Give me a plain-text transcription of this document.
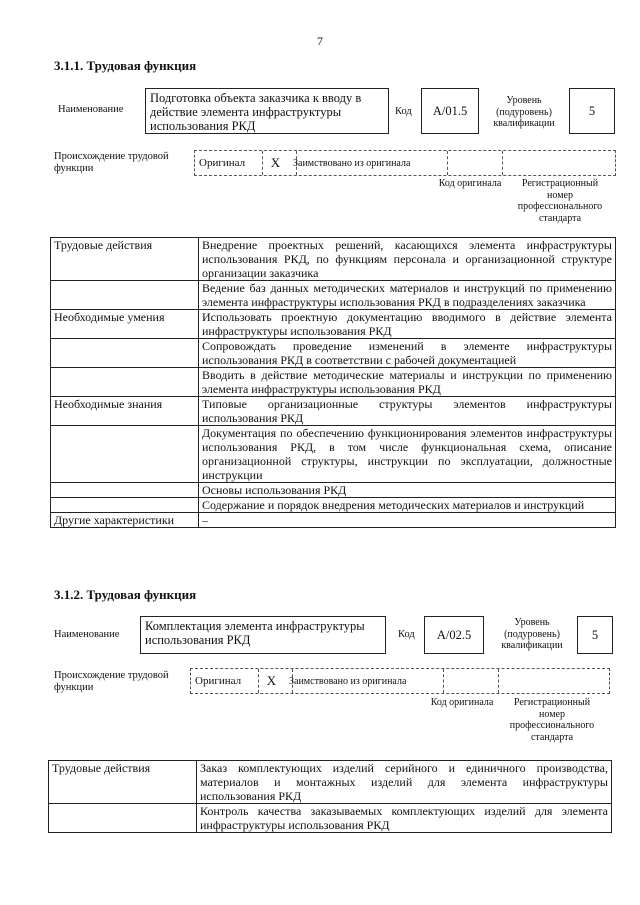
7
3.1.1. Трудовая функция
Наименование
Подготовка объекта заказчика к вводу в действие элемента инфраструктуры использования РКД
Код	A/01.5
Уровень (подуровень) квалификации
5
Происхождение трудовой функции	Оригинал	X	Заимствовано из оригинала
Код оригинала	Регистрационный номер профессионального стандарта
Трудовые действия	Внедрение проектных решений, касающихся элемента инфраструктуры использования РКД, по функциям персонала и организационной структуре организации заказчика
	Ведение баз данных методических материалов и инструкций по применению элемента инфраструктуры использования РКД в подразделениях заказчика
Необходимые умения	Использовать проектную документацию вводимого в действие элемента инфраструктуры использования РКД
	Сопровождать проведение изменений в элементе инфраструктуры использования РКД в соответствии с рабочей документацией
	Вводить в действие методические материалы и инструкции по применению элемента инфраструктуры использования РКД
Необходимые знания	Типовые организационные структуры элементов инфраструктуры использования РКД
	Документация по обеспечению функционирования элементов инфраструктуры использования РКД, в том числе функциональная схема, описание организационной структуры, инструкции по эксплуатации, должностные инструкции
	Основы использования РКД
	Содержание и порядок внедрения методических материалов и инструкций
Другие характеристики	–
3.1.2. Трудовая функция
Наименование
Комплектация элемента инфраструктуры использования РКД	Код	A/02.5
Уровень (подуровень) квалификации
5
Происхождение трудовой функции
Оригинал	X	Заимствовано из оригинала
Код оригинала	Регистрационный номер профессионального стандарта
Трудовые действия	Заказ комплектующих изделий серийного и единичного производства, материалов и монтажных изделий для элемента инфраструктуры использования РКД
	Контроль качества заказываемых комплектующих изделий для элемента инфраструктуры использования РКД
